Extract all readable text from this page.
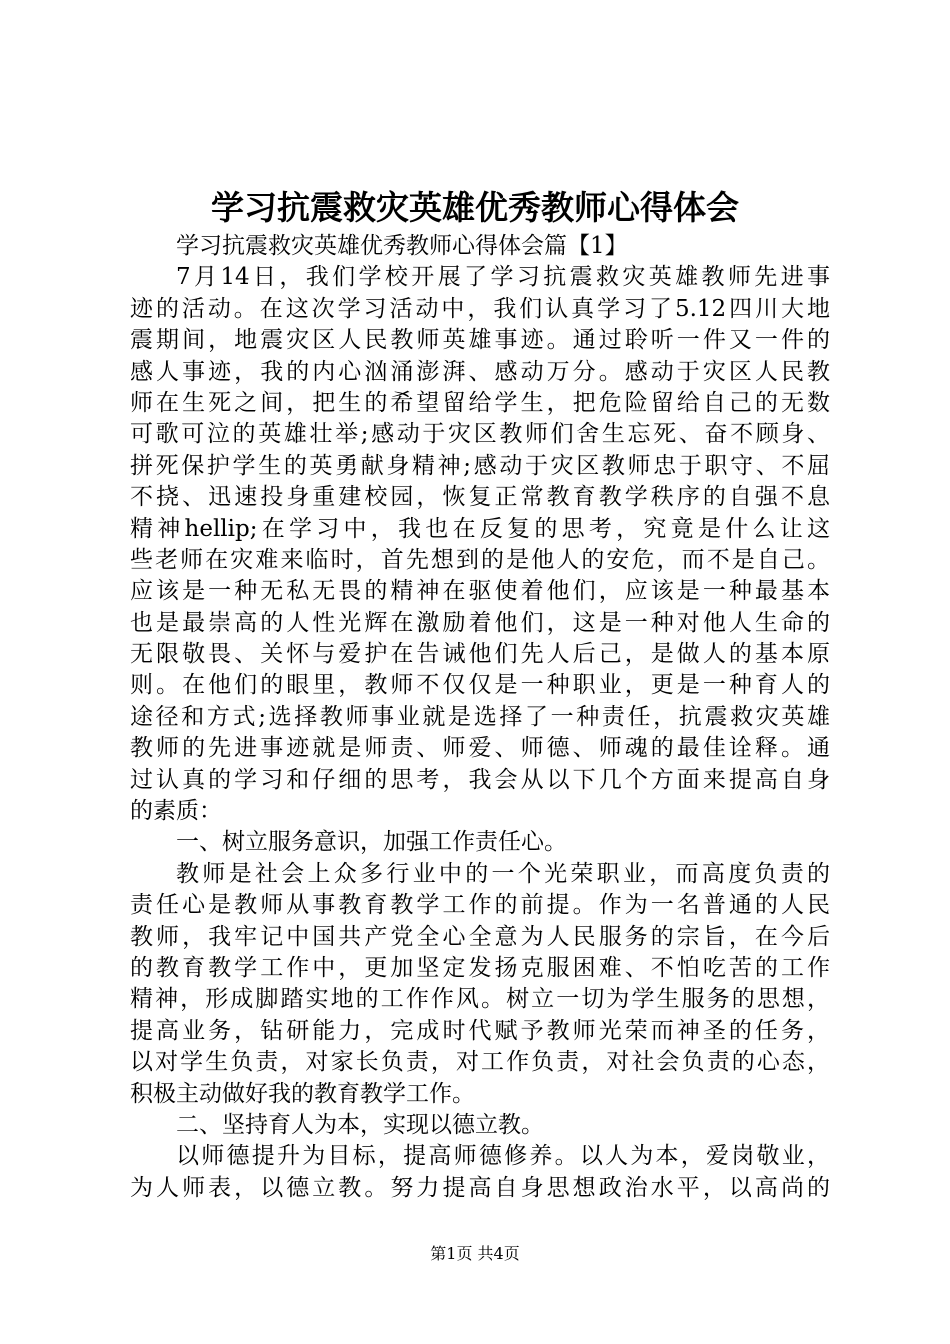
学习抗震救灾英雄优秀教师心得体会
学习抗震救灾英雄优秀教师心得体会篇【1】
7月14日，我们学校开展了学习抗震救灾英雄教师先进事
迹的活动。在这次学习活动中，我们认真学习了5.12四川大地
震期间，地震灾区人民教师英雄事迹。通过聆听一件又一件的
感人事迹，我的内心汹涌澎湃、感动万分。感动于灾区人民教
师在生死之间，把生的希望留给学生，把危险留给自己的无数
可歌可泣的英雄壮举;感动于灾区教师们舍生忘死、奋不顾身、
拼死保护学生的英勇献身精神;感动于灾区教师忠于职守、不屈
不挠、迅速投身重建校园，恢复正常教育教学秩序的自强不息
精神hellip;在学习中，我也在反复的思考，究竟是什么让这
些老师在灾难来临时，首先想到的是他人的安危，而不是自己。
应该是一种无私无畏的精神在驱使着他们，应该是一种最基本
也是最崇高的人性光辉在激励着他们，这是一种对他人生命的
无限敬畏、关怀与爱护在告诫他们先人后己，是做人的基本原
则。在他们的眼里，教师不仅仅是一种职业，更是一种育人的
途径和方式;选择教师事业就是选择了一种责任，抗震救灾英雄
教师的先进事迹就是师责、师爱、师德、师魂的最佳诠释。通
过认真的学习和仔细的思考，我会从以下几个方面来提高自身
的素质：
一、树立服务意识，加强工作责任心。
教师是社会上众多行业中的一个光荣职业，而高度负责的
责任心是教师从事教育教学工作的前提。作为一名普通的人民
教师，我牢记中国共产党全心全意为人民服务的宗旨，在今后
的教育教学工作中，更加坚定发扬克服困难、不怕吃苦的工作
精神，形成脚踏实地的工作作风。树立一切为学生服务的思想，
提高业务，钻研能力，完成时代赋予教师光荣而神圣的任务，
以对学生负责，对家长负责，对工作负责，对社会负责的心态，
积极主动做好我的教育教学工作。
二、坚持育人为本，实现以德立教。
以师德提升为目标，提高师德修养。以人为本，爱岗敬业，
为人师表，以德立教。努力提高自身思想政治水平，以高尚的
第1页 共4页
